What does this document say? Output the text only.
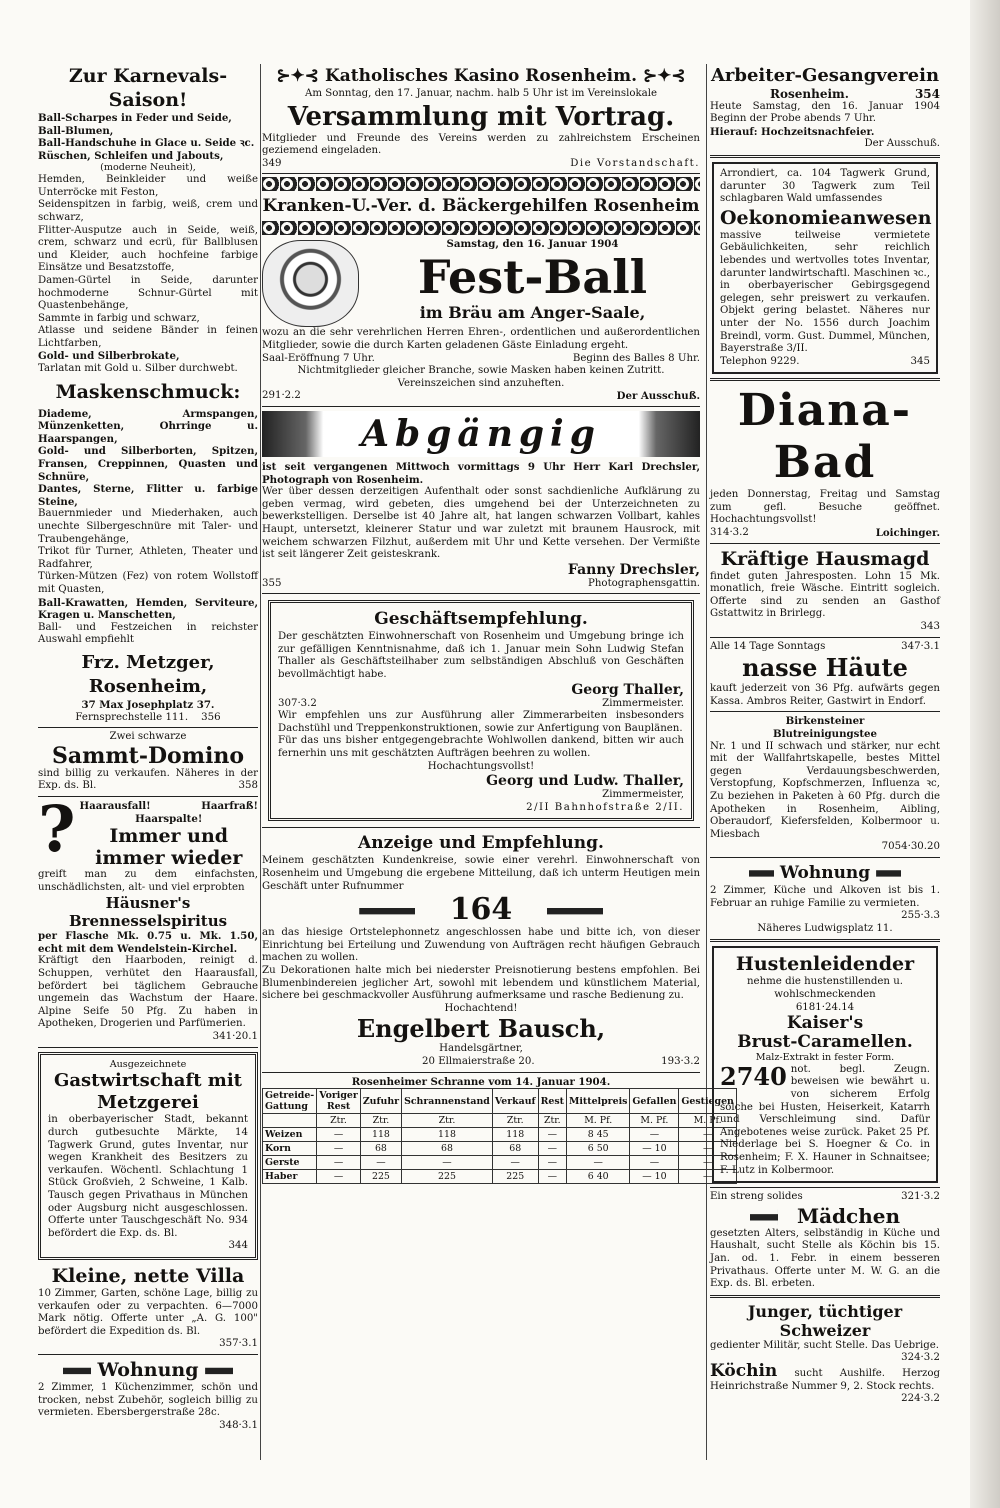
Zur Karnevals-Saison!

Ball-Scharpes in Feder und Seide,

Ball-Blumen,

Ball-Handschuhe in Glace u. Seide ꝛc.

Rüschen, Schleifen und Jabouts,

(moderne Neuheit),

Hemden, Beinkleider und weiße Unterröcke mit Feston,

Seidenspitzen in farbig, weiß, crem und schwarz,

Flitter-Ausputze auch in Seide, weiß, crem, schwarz und ecrü, für Ballblusen und Kleider, auch hochfeine farbige Einsätze und Besatzstoffe,

Damen-Gürtel in Seide, darunter hochmoderne Schnur-Gürtel mit Quastenbehänge,

Sammte in farbig und schwarz,

Atlasse und seidene Bänder in feinen Lichtfarben,

Gold- und Silberbrokate,

Tarlatan mit Gold u. Silber durchwebt.

Maskenschmuck:

Diademe, Armspangen, Münzenketten, Ohrringe u. Haarspangen,

Gold- und Silberborten, Spitzen, Fransen, Creppinnen, Quasten und Schnüre,

Dantes, Sterne, Flitter u. farbige Steine,

Bauernmieder und Miederhaken, auch unechte Silbergeschnüre mit Taler- und Traubengehänge,

Trikot für Turner, Athleten, Theater und Radfahrer,

Türken-Mützen (Fez) von rotem Wollstoff mit Quasten,

Ball-Krawatten, Hemden, Serviteure, Kragen u. Manschetten,

Ball- und Festzeichen in reichster Auswahl empfiehlt

Frz. Metzger, Rosenheim,

37 Max Josephplatz 37.

Fernsprechstelle 111. 356

Zwei schwarze

Sammt-Domino

sind billig zu verkaufen. Näheres in der Exp. ds. Bl.	358

? Haarausfall!	Haarfraß!

Haarspalte!

Immer und immer wieder

greift man zu dem einfachsten, unschädlichsten, alt- und viel erprobten

Häusner's Brennesselspiritus

per Flasche Mk. 0.75 u. Mk. 1.50, echt mit dem Wendelstein-Kirchel.

Kräftigt den Haarboden, reinigt d. Schuppen, verhütet den Haarausfall, befördert bei täglichem Gebrauche ungemein das Wachstum der Haare. Alpine Seife 50 Pfg. Zu haben in Apotheken, Drogerien und Parfümerien.

341·20.1

Ausgezeichnete

Gastwirtschaft mit Metzgerei

in oberbayerischer Stadt, bekannt durch gutbesuchte Märkte, 14 Tagwerk Grund, gutes Inventar, nur wegen Krankheit des Besitzers zu verkaufen. Wöchentl. Schlachtung 1 Stück Großvieh, 2 Schweine, 1 Kalb. Tausch gegen Privathaus in München oder Augsburg nicht ausgeschlossen. Offerte unter Tauschgeschäft No. 934 befördert die Exp. ds. Bl.

344

Kleine, nette Villa

10 Zimmer, Garten, schöne Lage, billig zu verkaufen oder zu verpachten. 6—7000 Mark nötig. Offerte unter „A. G. 100" befördert die Expedition ds. Bl.

357·3.1

Wohnung

2 Zimmer, 1 Küchenzimmer, schön und trocken, nebst Zubehör, sogleich billig zu vermieten. Ebersbergerstraße 28c.

348·3.1

⊱✦⊰ Katholisches Kasino Rosenheim. ⊱✦⊰

Am Sonntag, den 17. Januar, nachm. halb 5 Uhr ist im Vereinslokale

Versammlung mit Vortrag.

Mitglieder und Freunde des Vereins werden zu zahlreichstem Erscheinen geziemend eingeladen.

349	Die Vorstandschaft.

Kranken-U.-Ver. d. Bäckergehilfen Rosenheim

Samstag, den 16. Januar 1904

Fest-Ball

im Bräu am Anger-Saale,

wozu an die sehr verehrlichen Herren Ehren-, ordentlichen und außerordentlichen Mitglieder, sowie die durch Karten geladenen Gäste Einladung ergeht.

Saal-Eröffnung 7 Uhr.	Beginn des Balles 8 Uhr.

Nichtmitglieder gleicher Branche, sowie Masken haben keinen Zutritt. Vereinszeichen sind anzuheften.

291·2.2	Der Ausschuß.

Abgängig

ist seit vergangenen Mittwoch vormittags 9 Uhr Herr Karl Drechsler, Photograph von Rosenheim.

Wer über dessen derzeitigen Aufenthalt oder sonst sachdienliche Aufklärung zu geben vermag, wird gebeten, dies umgehend bei der Unterzeichneten zu bewerkstelligen. Derselbe ist 40 Jahre alt, hat langen schwarzen Vollbart, kahles Haupt, untersetzt, kleinerer Statur und war zuletzt mit braunem Hausrock, mit weichem schwarzen Filzhut, außerdem mit Uhr und Kette versehen. Der Vermißte ist seit längerer Zeit geisteskrank.

Fanny Drechsler,

355	Photographensgattin.

Geschäftsempfehlung.

Der geschätzten Einwohnerschaft von Rosenheim und Umgebung bringe ich zur gefälligen Kenntnisnahme, daß ich 1. Januar mein Sohn Ludwig Stefan Thaller als Geschäftsteilhaber zum selbständigen Abschluß von Geschäften bevollmächtigt habe.

Georg Thaller,

307·3.2	Zimmermeister.

Wir empfehlen uns zur Ausführung aller Zimmerarbeiten insbesonders Dachstühl und Treppenkonstruktionen, sowie zur Anfertigung von Bauplänen.

Für das uns bisher entgegengebrachte Wohlwollen dankend, bitten wir auch fernerhin uns mit geschätzten Aufträgen beehren zu wollen.

Hochachtungsvollst!

Georg und Ludw. Thaller,

Zimmermeister,

2/II Bahnhofstraße 2/II.

Anzeige und Empfehlung.

Meinem geschätzten Kundenkreise, sowie einer verehrl. Einwohnerschaft von Rosenheim und Umgebung die ergebene Mitteilung, daß ich unterm Heutigen mein Geschäft unter Rufnummer

164

an das hiesige Ortstelephonnetz angeschlossen habe und bitte ich, von dieser Einrichtung bei Erteilung und Zuwendung von Aufträgen recht häufigen Gebrauch machen zu wollen.

Zu Dekorationen halte mich bei niederster Preisnotierung bestens empfohlen. Bei Blumenbindereien jeglicher Art, sowohl mit lebendem und künstlichem Material, sichere bei geschmackvoller Ausführung aufmerksame und rasche Bedienung zu.

Hochachtend!

Engelbert Bausch,

Handelsgärtner,

20 Ellmaierstraße 20.	193·3.2

Rosenheimer Schranne vom 14. Januar 1904.

Getreide-Gattung	Voriger Rest	Zufuhr	Schrannenstand	Verkauf	Rest	Mittelpreis	Gefallen	Gestiegen
	Ztr.	Ztr.	Ztr.	Ztr.	Ztr.	M. Pf.	M. Pf.	M. Pf.
Weizen	—	118	118	118	—	8 45	—	—
Korn	—	68	68	68	—	6 50	— 10	—
Gerste	—	—	—	—	—	—	—	—
Haber	—	225	225	225	—	6 40	— 10	—

Arbeiter-Gesangverein

Rosenheim.	354

Heute Samstag, den 16. Januar 1904 Beginn der Probe abends 7 Uhr.

Hierauf: Hochzeitsnachfeier.

Der Ausschuß.

Arrondiert, ca. 104 Tagwerk Grund, darunter 30 Tagwerk zum Teil schlagbaren Wald umfassendes

Oekonomieanwesen

massive teilweise vermietete Gebäulichkeiten, sehr reichlich lebendes und wertvolles totes Inventar, darunter landwirtschaftl. Maschinen ꝛc., in oberbayerischer Gebirgsgegend gelegen, sehr preiswert zu verkaufen. Objekt gering belastet. Näheres nur unter der No. 1556 durch Joachim Breindl, vorm. Gust. Dummel, München, Bayerstraße 3/II.

Telephon 9229.	345

Diana-Bad

jeden Donnerstag, Freitag und Samstag zum gefl. Besuche geöffnet. Hochachtungsvollst!

314·3.2	Loichinger.

Kräftige Hausmagd

findet guten Jahresposten. Lohn 15 Mk. monatlich, freie Wäsche. Eintritt sogleich. Offerte sind zu senden an Gasthof Gstattwitz in Brirlegg.

343

Alle 14 Tage Sonntags	347·3.1

nasse Häute

kauft jederzeit von 36 Pfg. aufwärts gegen Kassa. Ambros Reiter, Gastwirt in Endorf.

Birkensteiner

Blutreinigungstee

Nr. 1 und II schwach und stärker, nur echt mit der Wallfahrtskapelle, bestes Mittel gegen Verdauungsbeschwerden, Verstopfung, Kopfschmerzen, Influenza ꝛc, Zu beziehen in Paketen à 60 Pfg. durch die Apotheken in Rosenheim, Aibling, Oberaudorf, Kiefersfelden, Kolbermoor u. Miesbach

7054·30.20

Wohnung

2 Zimmer, Küche und Alkoven ist bis 1. Februar an ruhige Familie zu vermieten.

255·3.3

Näheres Ludwigsplatz 11.

Hustenleidender

nehme die hustenstillenden u. wohlschmeckenden

6181·24.14

Kaiser's

Brust-Caramellen.

Malz-Extrakt in fester Form.

2740 not. begl. Zeugn. beweisen wie bewährt u. von sicherem Erfolg solche bei Husten, Heiserkeit, Katarrh und Verschleimung sind. Dafür Angebotenes weise zurück. Paket 25 Pf. Niederlage bei S. Hoegner & Co. in Rosenheim; F. X. Hauner in Schnaitsee; F. Lutz in Kolbermoor.

Ein streng solides	321·3.2

Mädchen

gesetzten Alters, selbständig in Küche und Haushalt, sucht Stelle als Köchin bis 15. Jan. od. 1. Febr. in einem besseren Privathaus. Offerte unter M. W. G. an die Exp. ds. Bl. erbeten.

Junger, tüchtiger Schweizer

gedienter Militär, sucht Stelle. Das Uebrige.

324·3.2

Köchin sucht Aushilfe. Herzog Heinrichstraße Nummer 9, 2. Stock rechts.

224·3.2
